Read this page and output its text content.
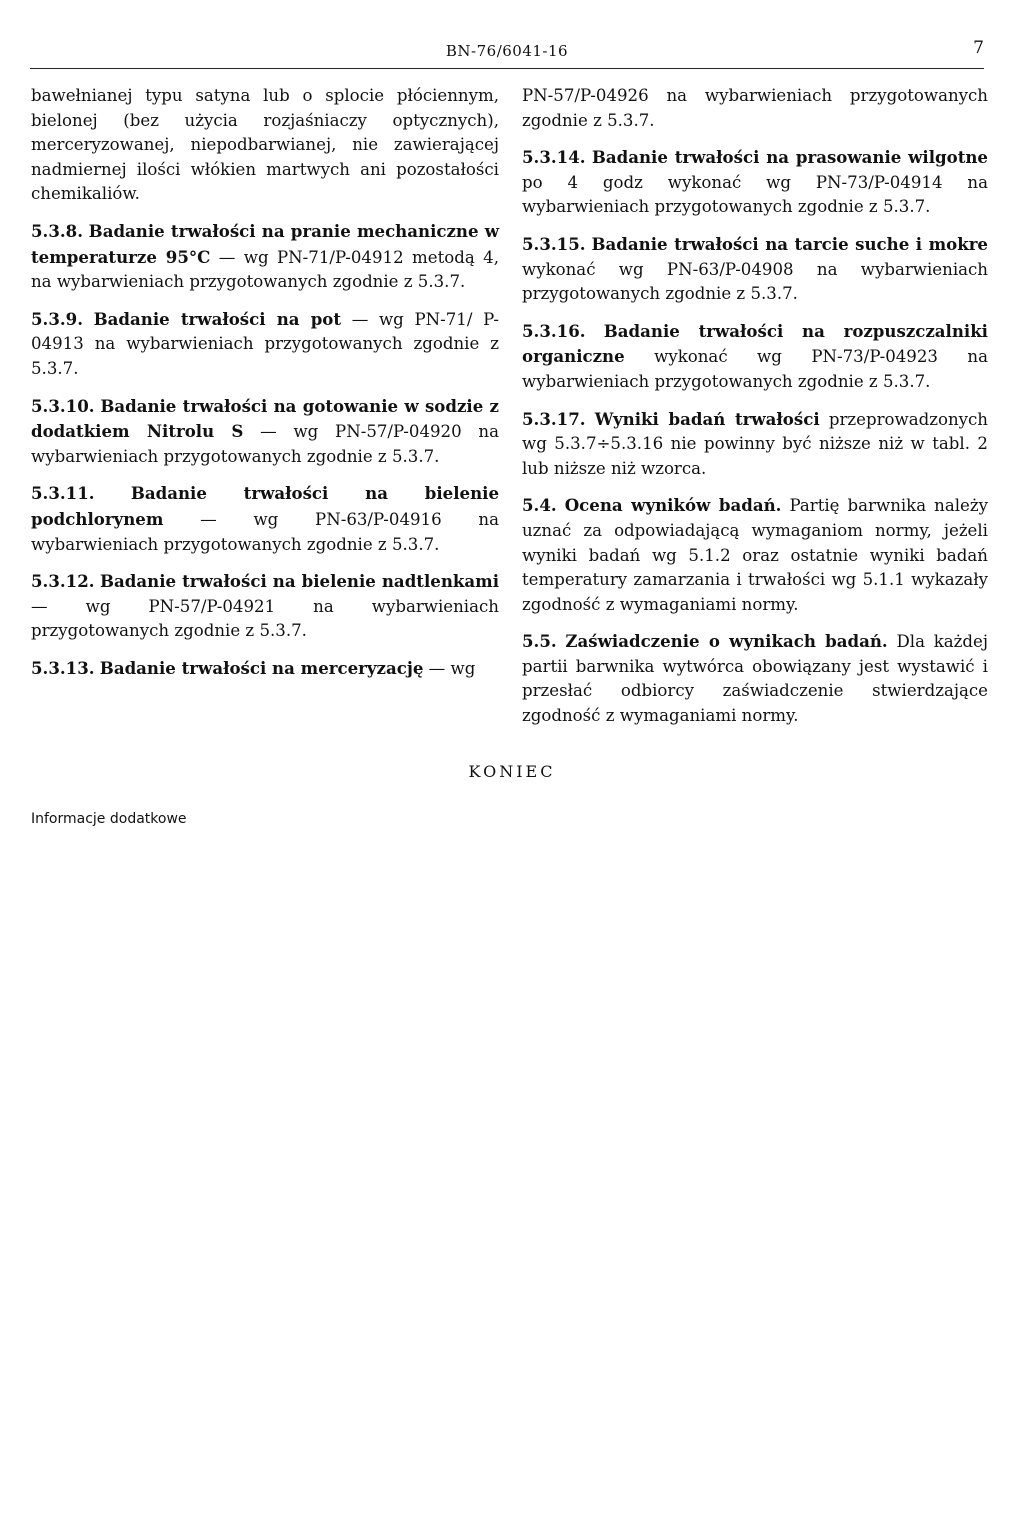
BN-76/6041-16	7

bawełnianej typu satyna lub o splocie płóciennym, bielonej (bez użycia rozjaśniaczy optycznych), merceryzowanej, niepodbarwianej, nie zawierającej nadmiernej ilości włókien martwych ani pozostałości chemikaliów.

5.3.8. Badanie trwałości na pranie mechaniczne w temperaturze 95°C — wg PN-71/P-04912 metodą 4, na wybarwieniach przygotowanych zgodnie z 5.3.7.

5.3.9. Badanie trwałości na pot — wg PN-71/ P-04913 na wybarwieniach przygotowanych zgodnie z 5.3.7.

5.3.10. Badanie trwałości na gotowanie w sodzie z dodatkiem Nitrolu S — wg PN-57/P-04920 na wybarwieniach przygotowanych zgodnie z 5.3.7.

5.3.11. Badanie trwałości na bielenie podchlorynem — wg PN-63/P-04916 na wybarwieniach przygotowanych zgodnie z 5.3.7.

5.3.12. Badanie trwałości na bielenie nadtlenkami — wg PN-57/P-04921 na wybarwieniach przygotowanych zgodnie z 5.3.7.

5.3.13. Badanie trwałości na merceryzację — wg

PN-57/P-04926 na wybarwieniach przygotowanych zgodnie z 5.3.7.

5.3.14. Badanie trwałości na prasowanie wilgotne po 4 godz wykonać wg PN-73/P-04914 na wybarwieniach przygotowanych zgodnie z 5.3.7.

5.3.15. Badanie trwałości na tarcie suche i mokre wykonać wg PN-63/P-04908 na wybarwieniach przygotowanych zgodnie z 5.3.7.

5.3.16. Badanie trwałości na rozpuszczalniki organiczne wykonać wg PN-73/P-04923 na wybarwieniach przygotowanych zgodnie z 5.3.7.

5.3.17. Wyniki badań trwałości przeprowadzonych wg 5.3.7÷5.3.16 nie powinny być niższe niż w tabl. 2 lub niższe niż wzorca.

5.4. Ocena wyników badań. Partię barwnika należy uznać za odpowiadającą wymaganiom normy, jeżeli wyniki badań wg 5.1.2 oraz ostatnie wyniki badań temperatury zamarzania i trwałości wg 5.1.1 wykazały zgodność z wymaganiami normy.

5.5. Zaświadczenie o wynikach badań. Dla każdej partii barwnika wytwórca obowiązany jest wystawić i przesłać odbiorcy zaświadczenie stwierdzające zgodność z wymaganiami normy.

KONIEC
Informacje dodatkowe
